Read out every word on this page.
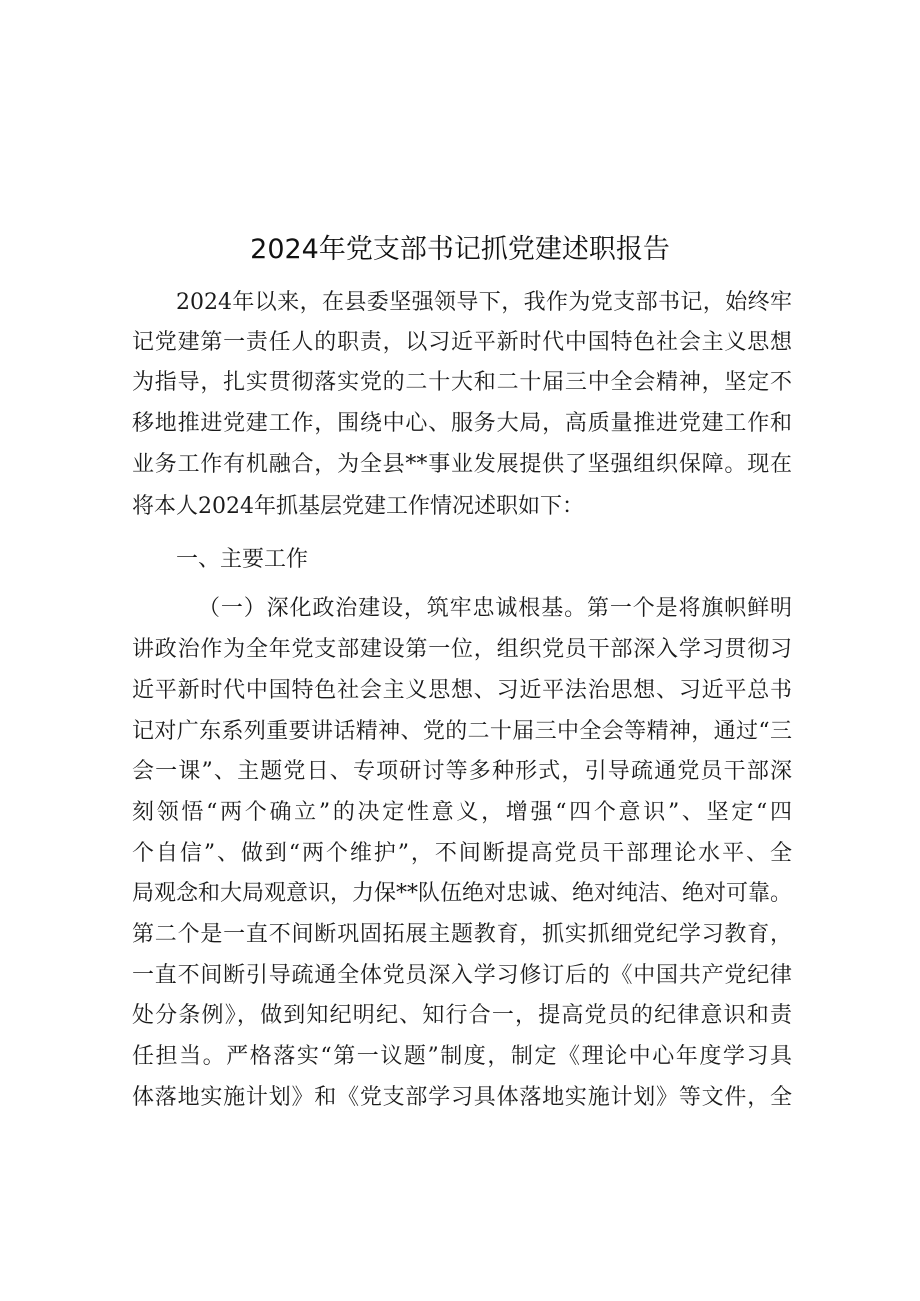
2024年党支部书记抓党建述职报告
2024年以来，在县委坚强领导下，我作为党支部书记，始终牢
记党建第一责任人的职责，以习近平新时代中国特色社会主义思想
为指导，扎实贯彻落实党的二十大和二十届三中全会精神，坚定不
移地推进党建工作，围绕中心、服务大局，高质量推进党建工作和
业务工作有机融合，为全县**事业发展提供了坚强组织保障。现在
将本人2024年抓基层党建工作情况述职如下：
一、主要工作
（一）深化政治建设，筑牢忠诚根基。第一个是将旗帜鲜明
讲政治作为全年党支部建设第一位，组织党员干部深入学习贯彻习
近平新时代中国特色社会主义思想、习近平法治思想、习近平总书
记对广东系列重要讲话精神、党的二十届三中全会等精神，通过“三
会一课”、主题党日、专项研讨等多种形式，引导疏通党员干部深
刻领悟“两个确立”的决定性意义，增强“四个意识”、坚定“四
个自信”、做到“两个维护”，不间断提高党员干部理论水平、全
局观念和大局观意识，力保**队伍绝对忠诚、绝对纯洁、绝对可靠。
第二个是一直不间断巩固拓展主题教育，抓实抓细党纪学习教育，
一直不间断引导疏通全体党员深入学习修订后的《中国共产党纪律
处分条例》，做到知纪明纪、知行合一，提高党员的纪律意识和责
任担当。严格落实“第一议题”制度，制定《理论中心年度学习具
体落地实施计划》和《党支部学习具体落地实施计划》等文件，全
